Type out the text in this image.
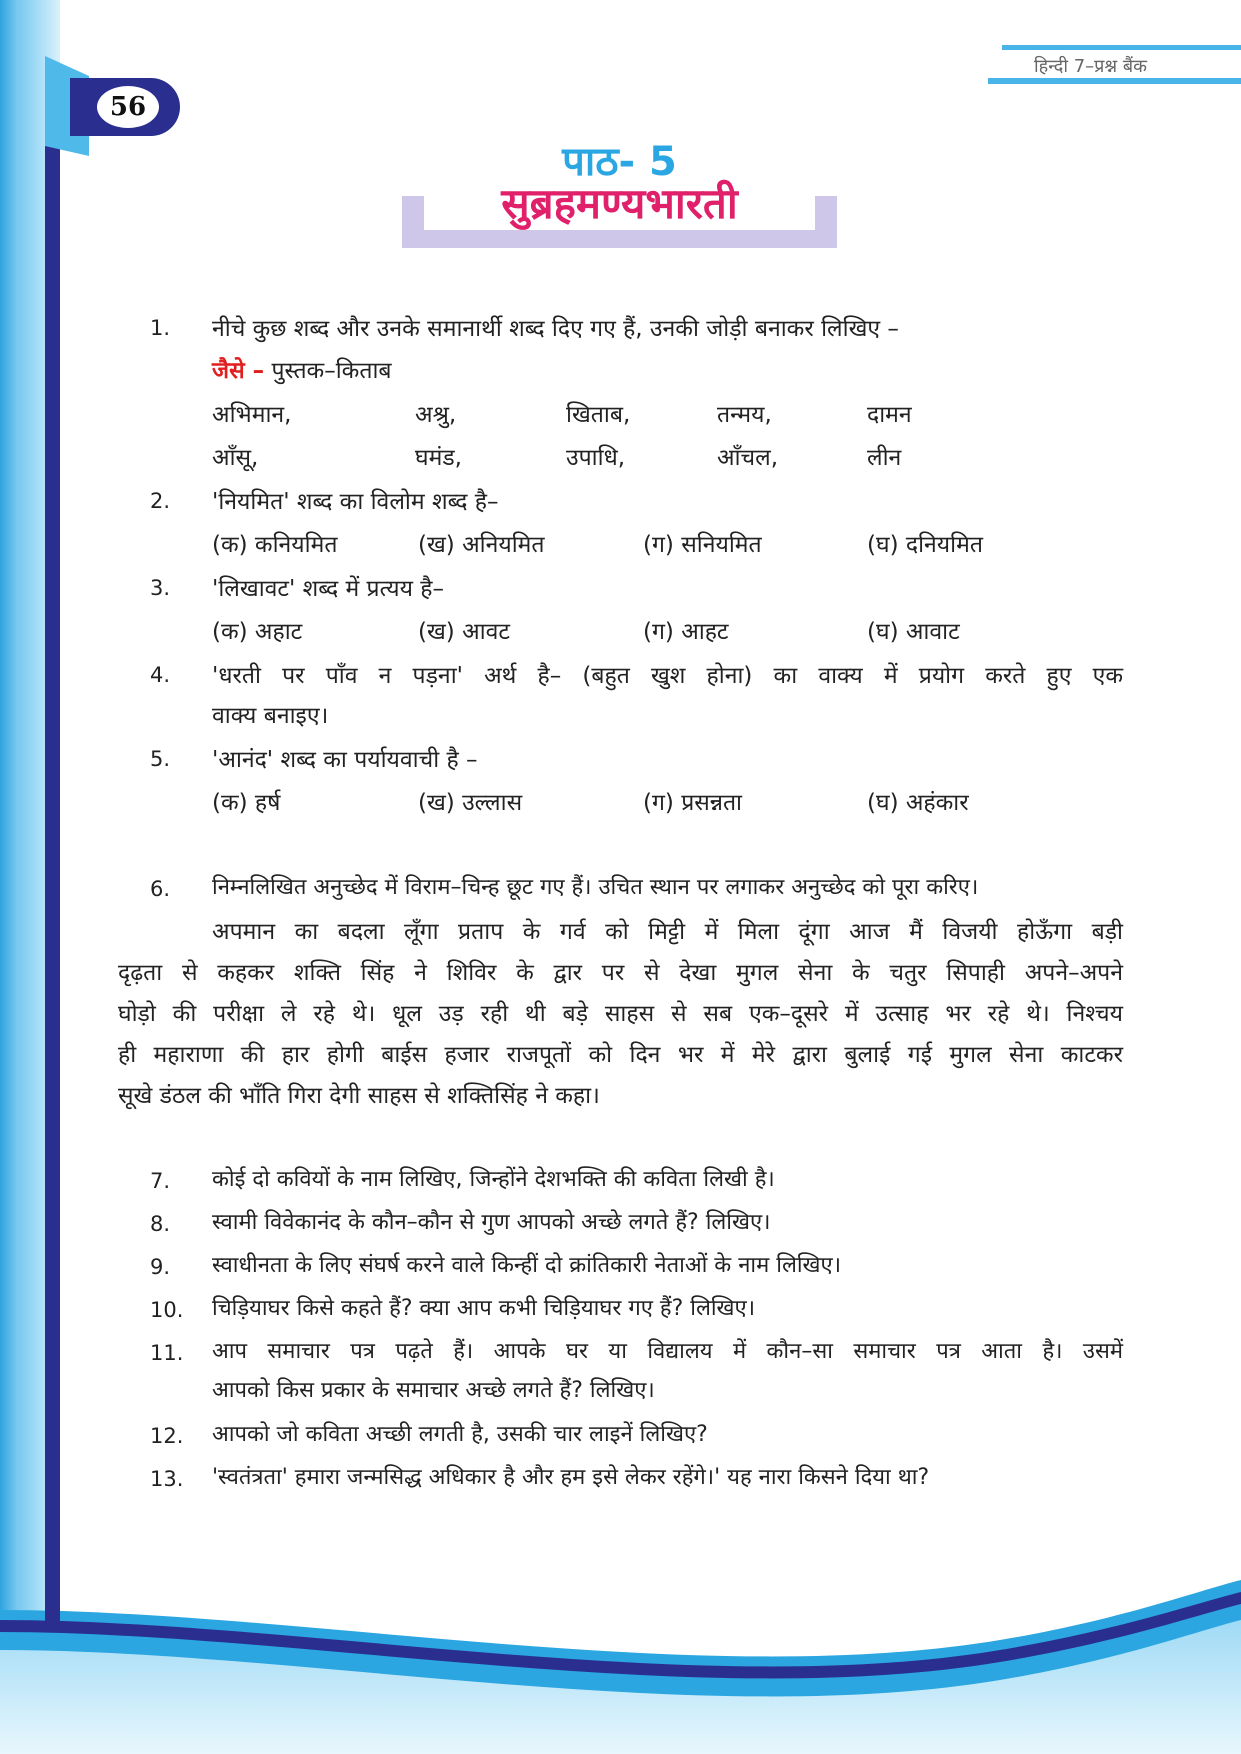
56
हिन्दी 7–प्रश्न बैंक
पाठ- 5
सुब्रहमण्यभारती
1. नीचे कुछ शब्द और उनके समानार्थी शब्द दिए गए हैं, उनकी जोड़ी बनाकर लिखिए –
जैसे – पुस्तक–किताब
अभिमान,	अश्रु,	खिताब,	तन्मय,	दामन
आँसू,	घमंड,	उपाधि,	आँचल,	लीन
2. 'नियमित' शब्द का विलोम शब्द है–
(क) कनियमित	(ख) अनियमित	(ग) सनियमित	(घ) दनियमित
3. 'लिखावट' शब्द में प्रत्यय है–
(क) अहाट	(ख) आवट	(ग) आहट	(घ) आवाट
4. 'धरती पर पाँव न पड़ना' अर्थ है– (बहुत खुश होना) का वाक्य में प्रयोग करते हुए एक
वाक्य बनाइए।
5. 'आनंद' शब्द का पर्यायवाची है –
(क) हर्ष	(ख) उल्लास	(ग) प्रसन्नता	(घ) अहंकार
6. निम्नलिखित अनुच्छेद में विराम–चिन्ह छूट गए हैं। उचित स्थान पर लगाकर अनुच्छेद को पूरा करिए।
अपमान का बदला लूँगा प्रताप के गर्व को मिट्टी में मिला दूंगा आज मैं विजयी होऊँगा बड़ी
दृढ़ता से कहकर शक्ति सिंह ने शिविर के द्वार पर से देखा मुगल सेना के चतुर सिपाही अपने–अपने
घोड़ो की परीक्षा ले रहे थे। धूल उड़ रही थी बड़े साहस से सब एक–दूसरे में उत्साह भर रहे थे। निश्चय
ही महाराणा की हार होगी बाईस हजार राजपूतों को दिन भर में मेरे द्वारा बुलाई गई मुगल सेना काटकर
सूखे डंठल की भाँति गिरा देगी साहस से शक्तिसिंह ने कहा।
7. कोई दो कवियों के नाम लिखिए, जिन्होंने देशभक्ति की कविता लिखी है।
8. स्वामी विवेकानंद के कौन–कौन से गुण आपको अच्छे लगते हैं? लिखिए।
9. स्वाधीनता के लिए संघर्ष करने वाले किन्हीं दो क्रांतिकारी नेताओं के नाम लिखिए।
10. चिड़ियाघर किसे कहते हैं? क्या आप कभी चिड़ियाघर गए हैं? लिखिए।
11. आप समाचार पत्र पढ़ते हैं। आपके घर या विद्यालय में कौन–सा समाचार पत्र आता है। उसमें
आपको किस प्रकार के समाचार अच्छे लगते हैं? लिखिए।
12. आपको जो कविता अच्छी लगती है, उसकी चार लाइनें लिखिए?
13. 'स्वतंत्रता' हमारा जन्मसिद्ध अधिकार है और हम इसे लेकर रहेंगे।' यह नारा किसने दिया था?
